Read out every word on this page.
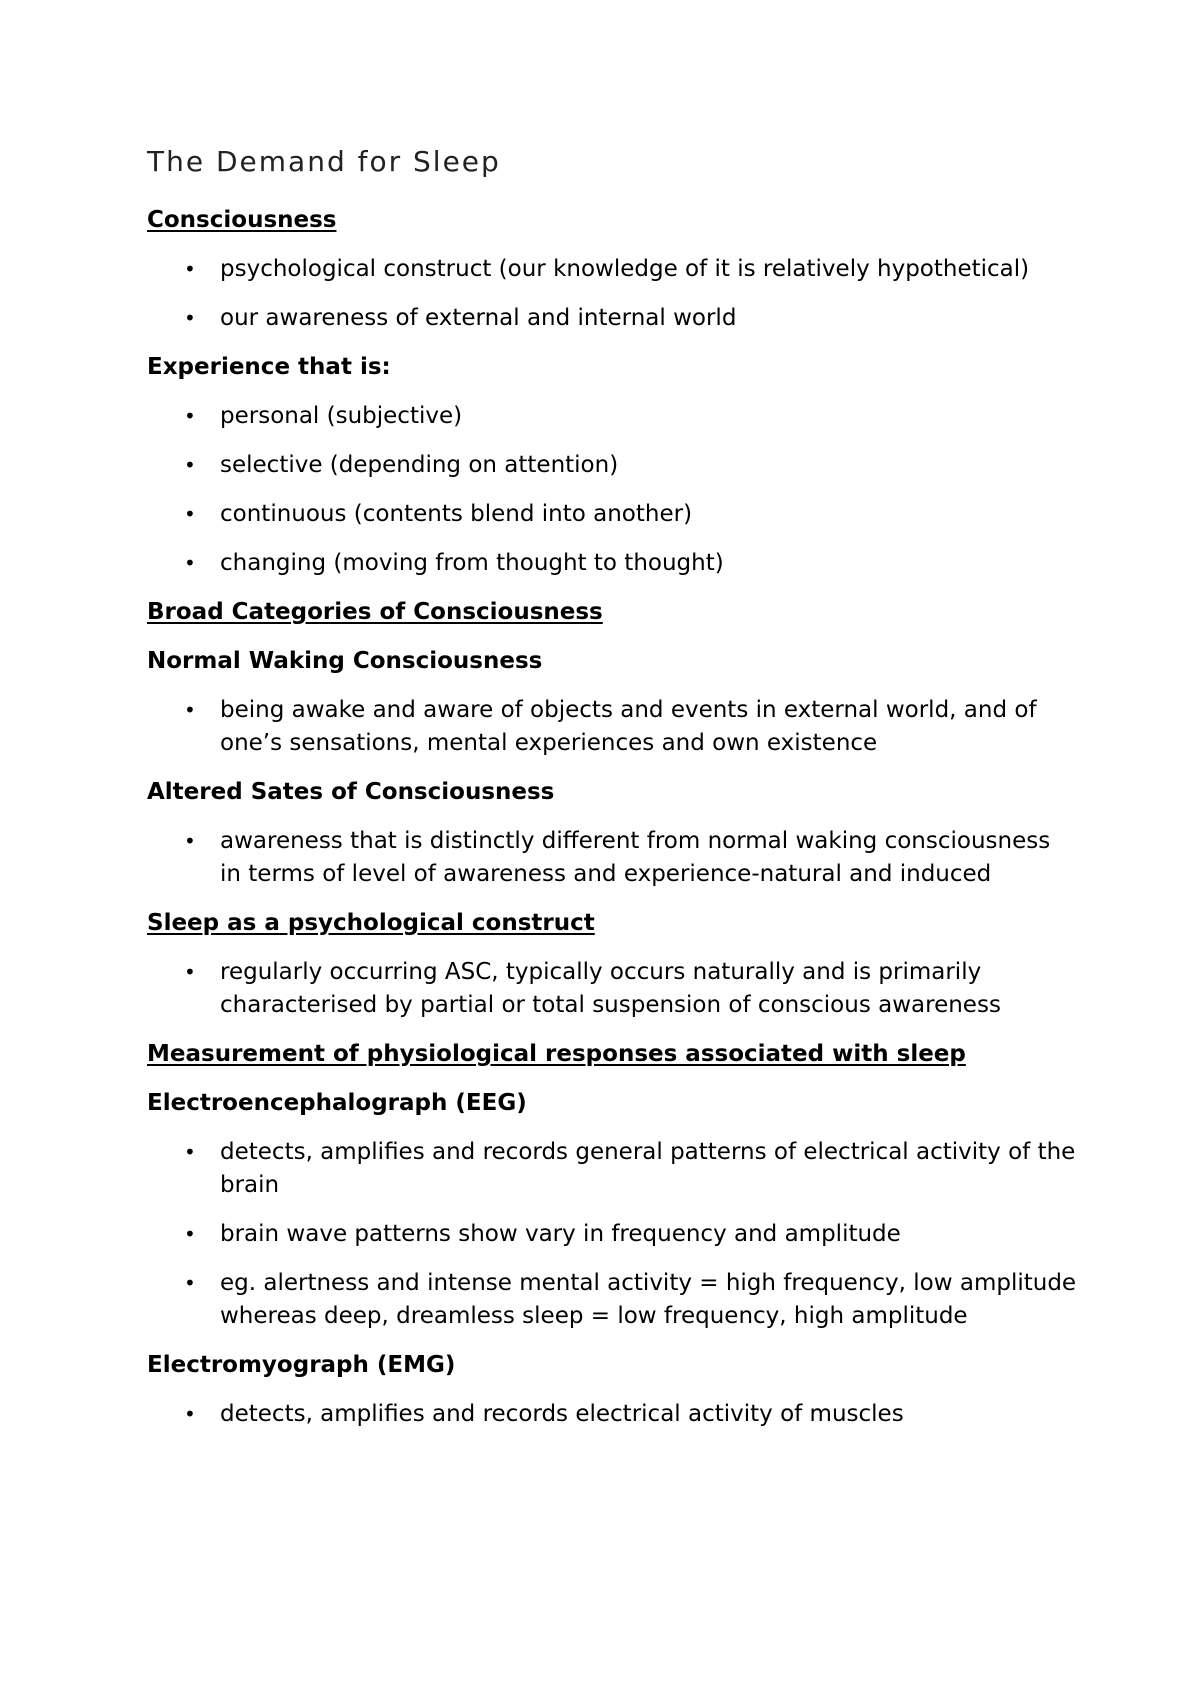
The Demand for Sleep
Consciousness
• psychological construct (our knowledge of it is relatively hypothetical)
• our awareness of external and internal world
Experience that is:
• personal (subjective)
• selective (depending on attention)
• continuous (contents blend into another)
• changing (moving from thought to thought)
Broad Categories of Consciousness
Normal Waking Consciousness
• being awake and aware of objects and events in external world, and of one’s sensations, mental experiences and own existence
Altered Sates of Consciousness
• awareness that is distinctly different from normal waking consciousness in terms of level of awareness and experience-natural and induced
Sleep as a psychological construct
• regularly occurring ASC, typically occurs naturally and is primarily characterised by partial or total suspension of conscious awareness
Measurement of physiological responses associated with sleep
Electroencephalograph (EEG)
• detects, amplifies and records general patterns of electrical activity of the brain
• brain wave patterns show vary in frequency and amplitude
• eg. alertness and intense mental activity = high frequency, low amplitude whereas deep, dreamless sleep = low frequency, high amplitude
Electromyograph (EMG)
• detects, amplifies and records electrical activity of muscles
